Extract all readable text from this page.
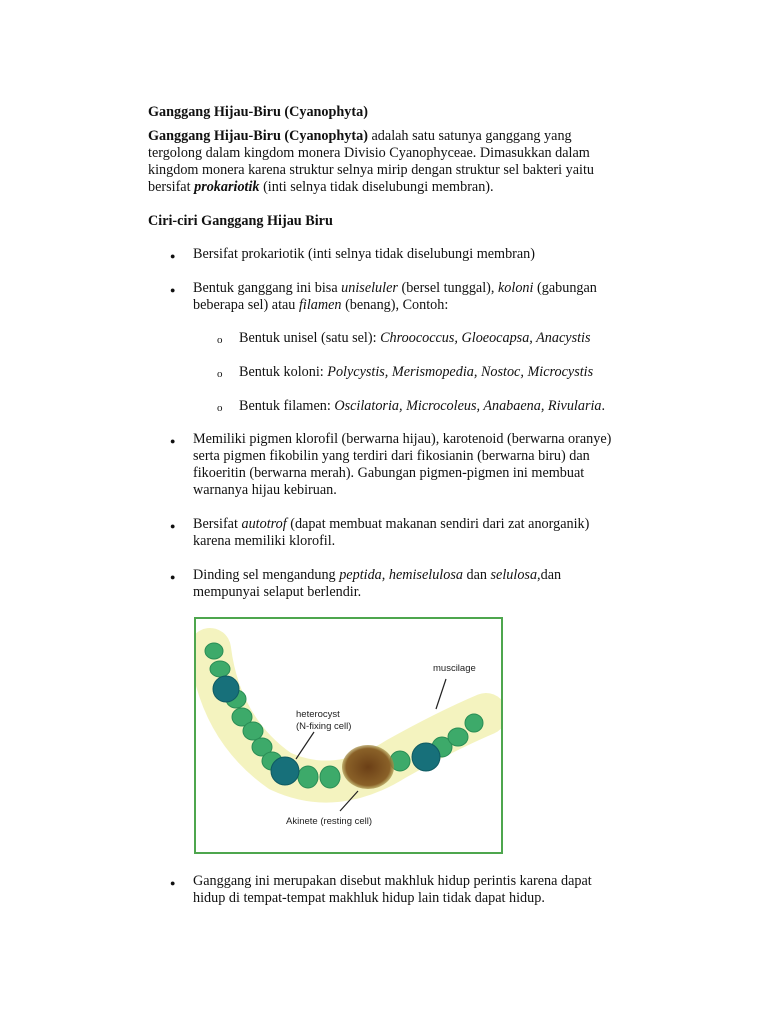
Ganggang Hijau-Biru (Cyanophyta)
Ganggang Hijau-Biru (Cyanophyta) adalah satu satunya ganggang yang
tergolong dalam kingdom monera Divisio Cyanophyceae. Dimasukkan dalam
kingdom monera karena struktur selnya mirip dengan struktur sel bakteri yaitu
bersifat prokariotik (inti selnya tidak diselubungi membran).
Ciri-ciri Ganggang Hijau Biru
● Bersifat prokariotik (inti selnya tidak diselubungi membran)
● Bentuk ganggang ini bisa uniseluler (bersel tunggal), koloni (gabungan
beberapa sel) atau filamen (benang), Contoh:
o Bentuk unisel (satu sel): Chroococcus, Gloeocapsa, Anacystis
o Bentuk koloni: Polycystis, Merismopedia, Nostoc, Microcystis
o Bentuk filamen: Oscilatoria, Microcoleus, Anabaena, Rivularia.
● Memiliki pigmen klorofil (berwarna hijau), karotenoid (berwarna oranye)
serta pigmen fikobilin yang terdiri dari fikosianin (berwarna biru) dan
fikoeritin (berwarna merah). Gabungan pigmen-pigmen ini membuat
warnanya hijau kebiruan.
● Bersifat autotrof (dapat membuat makanan sendiri dari zat anorganik)
karena memiliki klorofil.
● Dinding sel mengandung peptida, hemiselulosa dan selulosa,dan
mempunyai selaput berlendir.
muscilage
heterocyst
(N-fixing cell)
Akinete (resting cell)
● Ganggang ini merupakan disebut makhluk hidup perintis karena dapat
hidup di tempat-tempat makhluk hidup lain tidak dapat hidup.
